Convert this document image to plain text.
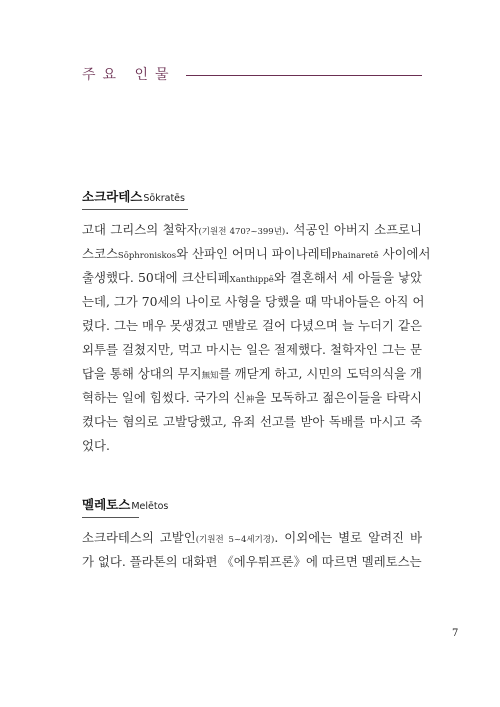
주요 인물
소크라테스Sōkratēs
고대 그리스의 철학자(기원전 470?~399년). 석공인 아버지 소프로니
스코스Sōphroniskos와 산파인 어머니 파이나레테Phainaretē 사이에서
출생했다. 50대에 크산티페Xanthippē와 결혼해서 세 아들을 낳았
는데, 그가 70세의 나이로 사형을 당했을 때 막내아들은 아직 어
렸다. 그는 매우 못생겼고 맨발로 걸어 다녔으며 늘 누더기 같은
외투를 걸쳤지만, 먹고 마시는 일은 절제했다. 철학자인 그는 문
답을 통해 상대의 무지無知를 깨닫게 하고, 시민의 도덕의식을 개
혁하는 일에 힘썼다. 국가의 신神을 모독하고 젊은이들을 타락시
켰다는 혐의로 고발당했고, 유죄 선고를 받아 독배를 마시고 죽
었다.
멜레토스Melētos
소크라테스의 고발인(기원전 5~4세기경). 이외에는 별로 알려진 바
가 없다. 플라톤의 대화편 《에우튀프론》에 따르면 멜레토스는
7
